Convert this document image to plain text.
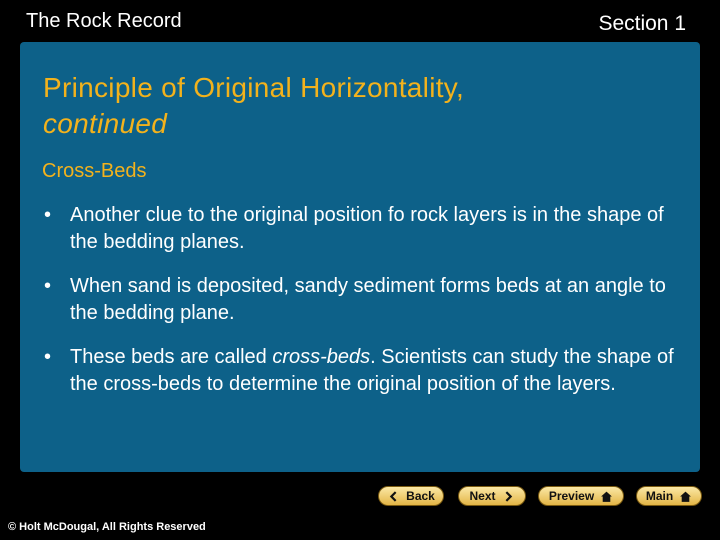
The Rock Record	Section 1
Principle of Original Horizontality,
continued
Cross-Beds
• Another clue to the original position fo rock layers is in the shape of the bedding planes.
• When sand is deposited, sandy sediment forms beds at an angle to the bedding plane.
• These beds are called cross-beds. Scientists can study the shape of the cross-beds to determine the original position of the layers.
Back	Next	Preview	Main
© Holt McDougal, All Rights Reserved
